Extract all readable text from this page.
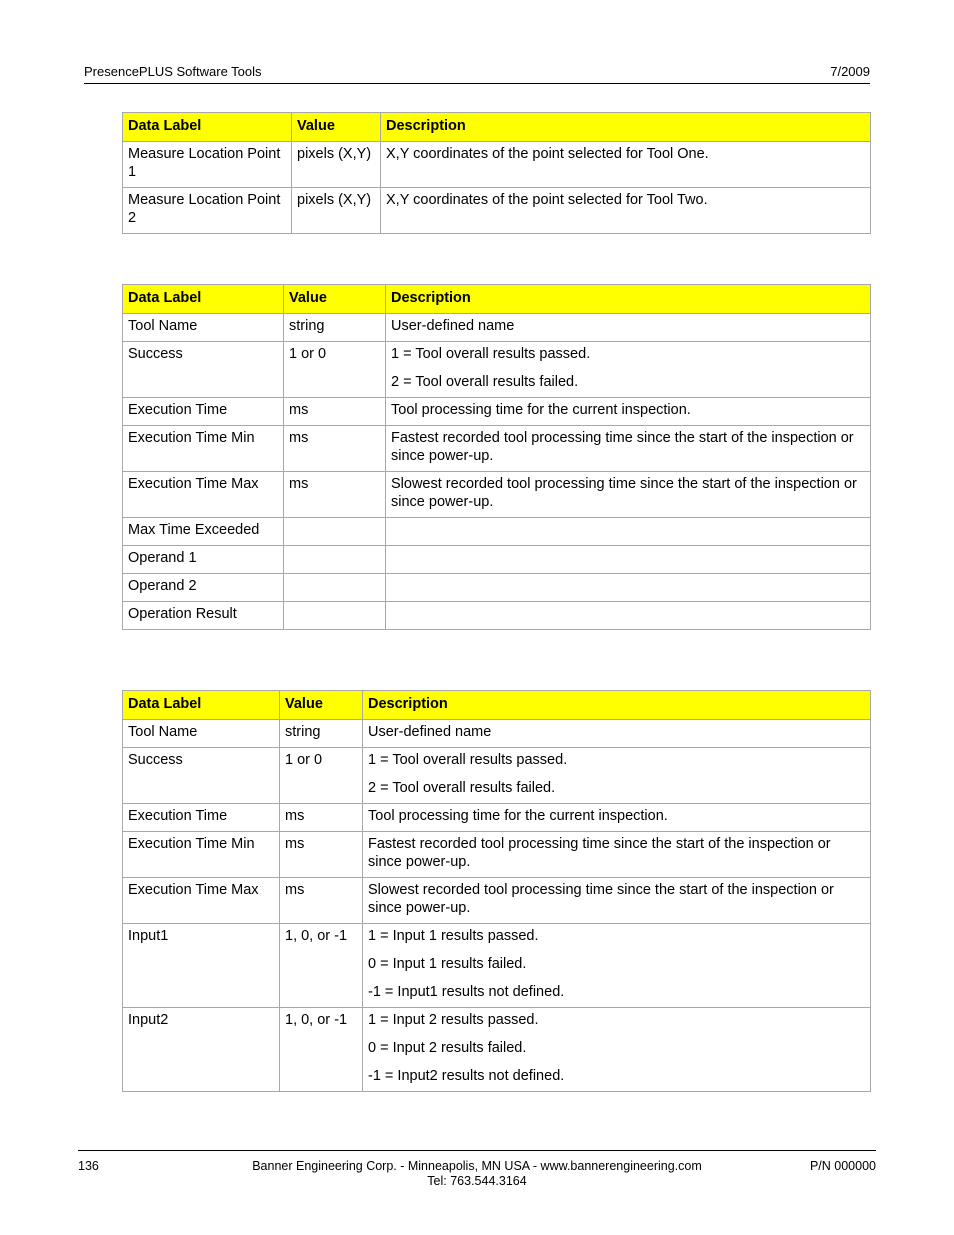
PresencePLUS Software Tools	7/2009
Data Label	Value	Description
Measure Location Point 1	pixels (X,Y)	X,Y coordinates of the point selected for Tool One.

Measure Location Point 2	pixels (X,Y)	X,Y coordinates of the point selected for Tool Two.

Data Label	Value	Description
Tool Name	string	User-defined name

Success	1 or 0	1 = Tool overall results passed.

2 = Tool overall results failed.

Execution Time	ms	Tool processing time for the current inspection.

Execution Time Min	ms	Fastest recorded tool processing time since the start of the inspection or since power-up.

Execution Time Max	ms	Slowest recorded tool processing time since the start of the inspection or since power-up.

Max Time Exceeded		

Operand 1		

Operand 2		

Operation Result		

Data Label	Value	Description
Tool Name	string	User-defined name

Success	1 or 0	1 = Tool overall results passed.

2 = Tool overall results failed.

Execution Time	ms	Tool processing time for the current inspection.

Execution Time Min	ms	Fastest recorded tool processing time since the start of the inspection or since power-up.

Execution Time Max	ms	Slowest recorded tool processing time since the start of the inspection or since power-up.

Input1	1, 0, or -1	1 = Input 1 results passed.

0 = Input 1 results failed.

-1 = Input1 results not defined.

Input2	1, 0, or -1	1 = Input 2 results passed.

0 = Input 2 results failed.

-1 = Input2 results not defined.

136	Banner Engineering Corp. - Minneapolis, MN USA - www.bannerengineering.com
Tel: 763.544.3164
P/N 000000
